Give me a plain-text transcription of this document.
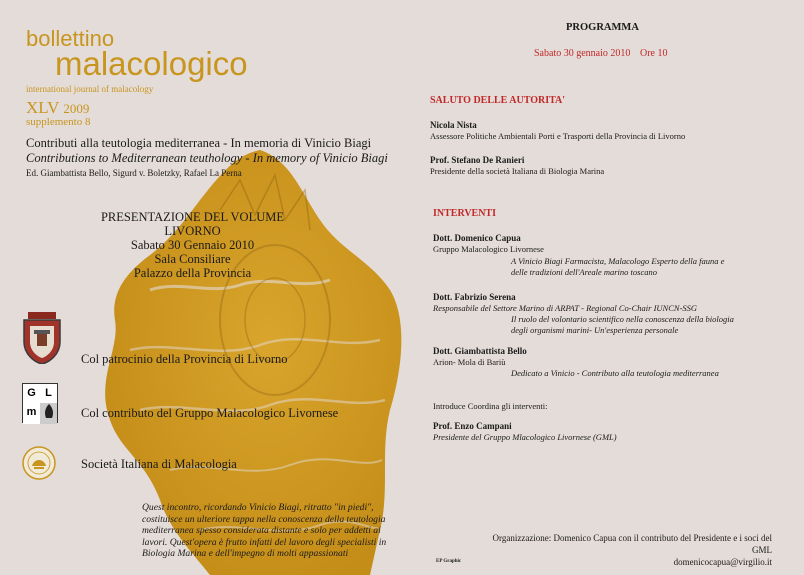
bollettino
malacologico
international journal of malacology
XLV 2009
supplemento 8
Contributi alla teutologia mediterranea - In memoria di Vinicio Biagi
Contributions to Mediterranean teuthology - In memory of Vinicio Biagi
Ed. Giambattista Bello, Sigurd v. Boletzky, Rafael La Perna
PRESENTAZIONE DEL VOLUME
LIVORNO
Sabato 30 Gennaio 2010
Sala Consiliare
Palazzo della Provincia
Col patrocinio della Provincia di Livorno
G L
m	Col contributo del Gruppo Malacologico Livornese
Società Italiana di Malacologia
Quest incontro, ricordando Vinicio Biagi, ritratto "in piedi", costituisce un ulteriore tappa nella conoscenza della teutologia mediterranea spesso considerata distante e solo per addetti ai lavori. Quest'opera è frutto infatti del lavoro degli specialisti in Biologia Marina e dell'impegno di molti appassionati
PROGRAMMA
Sabato 30 gennaio 2010 Ore 10
SALUTO DELLE AUTORITA'
Nicola Nista
Assessore Politiche Ambientali Porti e Trasporti della Provincia di Livorno
Prof. Stefano De Ranieri
Presidente della società Italiana di Biologia Marina
INTERVENTI
Dott. Domenico Capua
Gruppo Malacologico Livornese
A Vinicio Biagi Farmacista, Malacologo Esperto della fauna e
delle tradizioni dell'Areale marino toscano
Dott. Fabrizio Serena
Responsabile del Settore Marino di ARPAT - Regional Co-Chair IUNCN-SSG
Il ruolo del volontario scientifico nella conoscenza della biologia
degli organismi marini- Un'esperienza personale
Dott. Giambattista Bello
Arion- Mola di Bariù
Dedicato a Vinicio - Contributo alla teutologia mediterranea
Introduce Coordina gli interventi:
Prof. Enzo Campani
Presidente del Gruppo Mlacologico Livornese (GML)
Organizzazione: Domenico Capua con il contributo del Presidente e i soci del GML
domenicocapua@virgilio.it
EP Graphic
